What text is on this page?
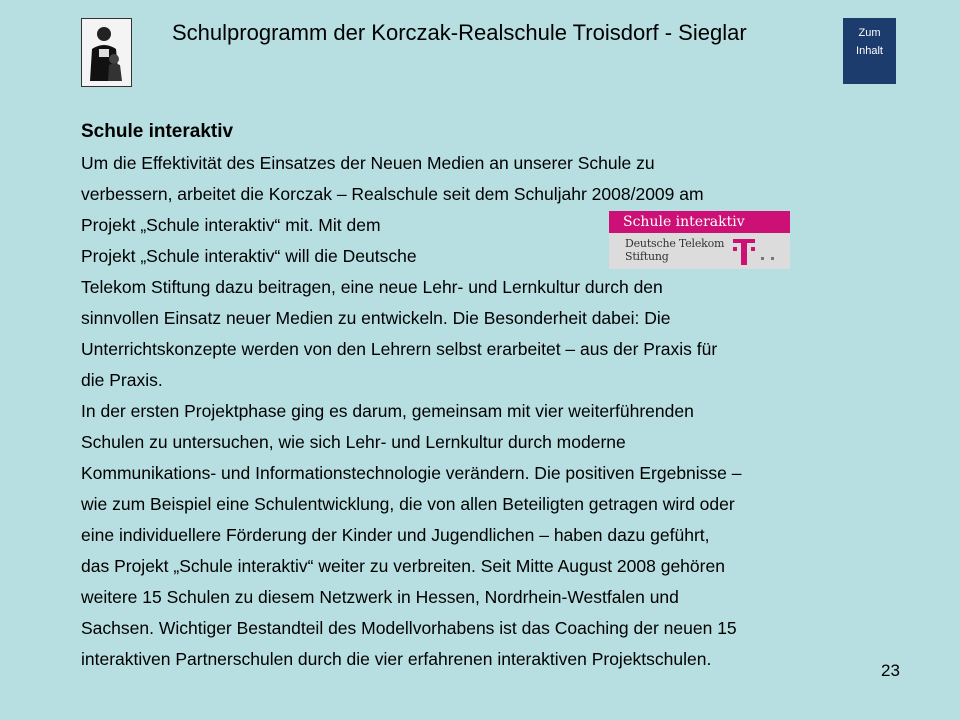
Schulprogramm der Korczak-Realschule Troisdorf - Sieglar	Zum
Inhalt
Schule interaktiv

Um die Effektivität des Einsatzes der Neuen Medien an unserer Schule zu

verbessern, arbeitet die Korczak – Realschule seit dem Schuljahr 2008/2009 am

Projekt „Schule interaktiv“ mit. Mit dem

Projekt „Schule interaktiv“ will die Deutsche

Telekom Stiftung dazu beitragen, eine neue Lehr- und Lernkultur durch den

sinnvollen Einsatz neuer Medien zu entwickeln. Die Besonderheit dabei: Die

Unterrichtskonzepte werden von den Lehrern selbst erarbeitet – aus der Praxis für

die Praxis.

In der ersten Projektphase ging es darum, gemeinsam mit vier weiterführenden

Schulen zu untersuchen, wie sich Lehr- und Lernkultur durch moderne

Kommunikations- und Informationstechnologie verändern. Die positiven Ergebnisse –

wie zum Beispiel eine Schulentwicklung, die von allen Beteiligten getragen wird oder

eine individuellere Förderung der Kinder und Jugendlichen – haben dazu geführt,

das Projekt „Schule interaktiv“ weiter zu verbreiten. Seit Mitte August 2008 gehören

weitere 15 Schulen zu diesem Netzwerk in Hessen, Nordrhein-Westfalen und

Sachsen. Wichtiger Bestandteil des Modellvorhabens ist das Coaching der neuen 15

interaktiven Partnerschulen durch die vier erfahrenen interaktiven Projektschulen.

Schule interaktiv
Deutsche Telekom
Stiftung
23
